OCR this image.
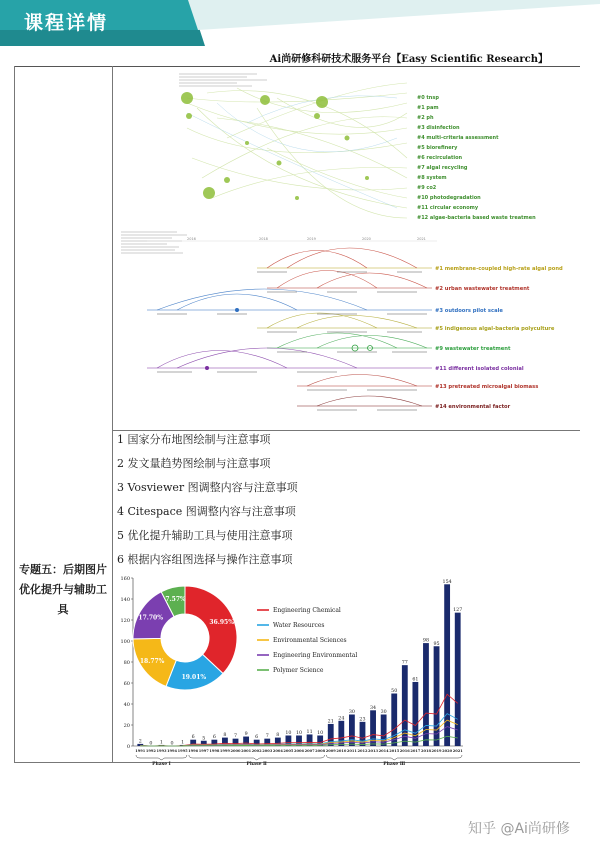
课程详情
Ai尚研修科研技术服务平台【Easy Scientific Research】
#0 tnsp
#1 pam
#2 ph
#3 disinfection
#4 multi-criteria assessment
#5 biorefinery
#6 recirculation
#7 algal recycling
#8 system
#9 co2
#10 photodegradation
#11 circular economy
#12 algae-bacteria based waste treatmen
2016	2018	2019	2020	2021
#1 membrane-coupled high-rate algal pond
#2 urban wastewater treatment
#3 outdoors pilot scale
#5 indigenous algal-bacteria polyculture
#9 wastewater treatment
#11 different isolated colonial
#13 pretreated microalgal biomass
#14 environmental factor
1 国家分布地图绘制与注意事项
2 发文量趋势图绘制与注意事项
3 Vosviewer 图调整内容与注意事项
4 Citespace 图调整内容与注意事项
5 优化提升辅助工具与使用注意事项
6 根据内容组图选择与操作注意事项
专题五：后期图片优化提升与辅助工具
0
20
40
60
80
100
120
140
160
2
1991
0
1992
1
1993
0
1994
1
1995
6
1996
5
1997
6
1998
8
1999
7
2000
9
2001
6
2002
7
2003
8
2004
10
2005
10
2006
11
2007
10
2008
21
2009
24
2010
30
2011
23
2012
34
2013
30
2014
50
2015
77
2016
61
2017
98
2018
95
2019
154
2020
127
2021
Phase Ⅰ	Phase Ⅱ	Phase Ⅲ
36.95%
19.01%
18.77%
17.70%
7.57%
Engineering Chemical
Water Resources
Environmental Sciences
Engineering Environmental
Polymer Science
知乎 @Ai尚研修
